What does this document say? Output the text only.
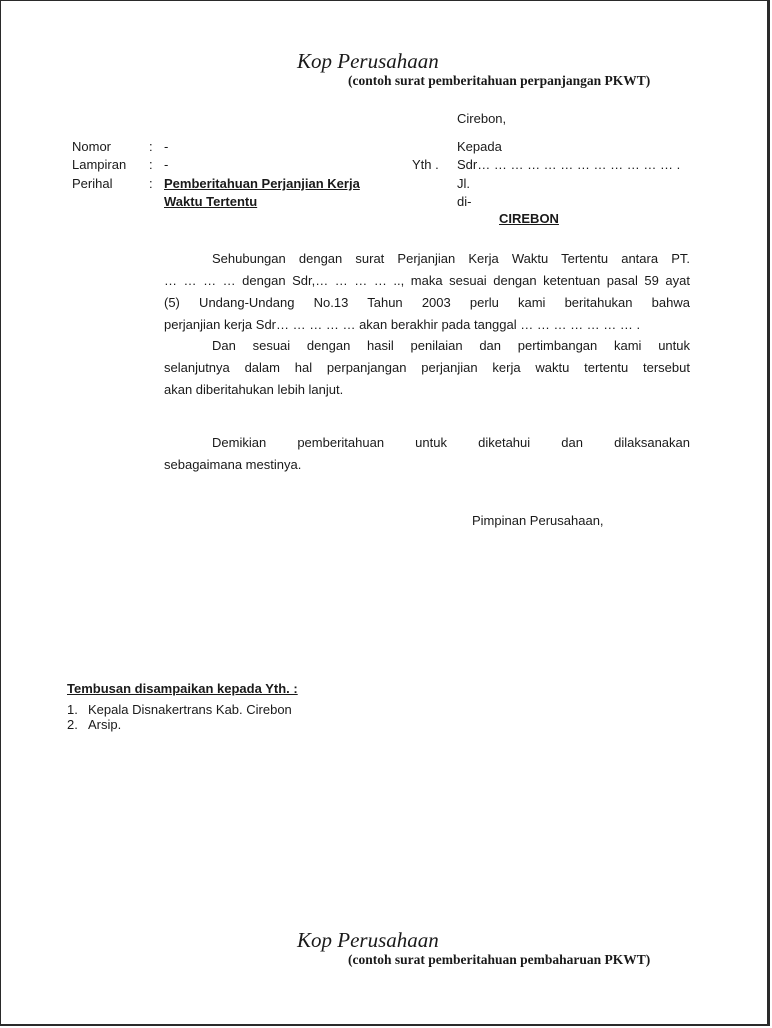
Kop Perusahaan
(contoh surat pemberitahuan perpanjangan PKWT)
Cirebon,
Nomor	: -
Lampiran : -
Perihal	: Pemberitahuan Perjanjian Kerja
Waktu Tertentu
Kepada
Yth . Sdr… … … … … … … … … … … … .
Jl.
di-
CIREBON
Sehubungan dengan surat Perjanjian Kerja Waktu Tertentu antara PT.
… … … … dengan Sdr,… … … … .., maka sesuai dengan ketentuan pasal 59 ayat
(5) Undang-Undang No.13 Tahun 2003 perlu kami beritahukan bahwa
perjanjian kerja Sdr… … … … … akan berakhir pada tanggal … … … … … … … .
Dan sesuai dengan hasil penilaian dan pertimbangan kami untuk
selanjutnya dalam hal perpanjangan perjanjian kerja waktu tertentu tersebut
akan diberitahukan lebih lanjut.
Demikian pemberitahuan untuk diketahui dan dilaksanakan
sebagaimana mestinya.
Pimpinan Perusahaan,
Tembusan disampaikan kepada Yth. :
1. Kepala Disnakertrans Kab. Cirebon
2. Arsip.
Kop Perusahaan
(contoh surat pemberitahuan pembaharuan PKWT)
